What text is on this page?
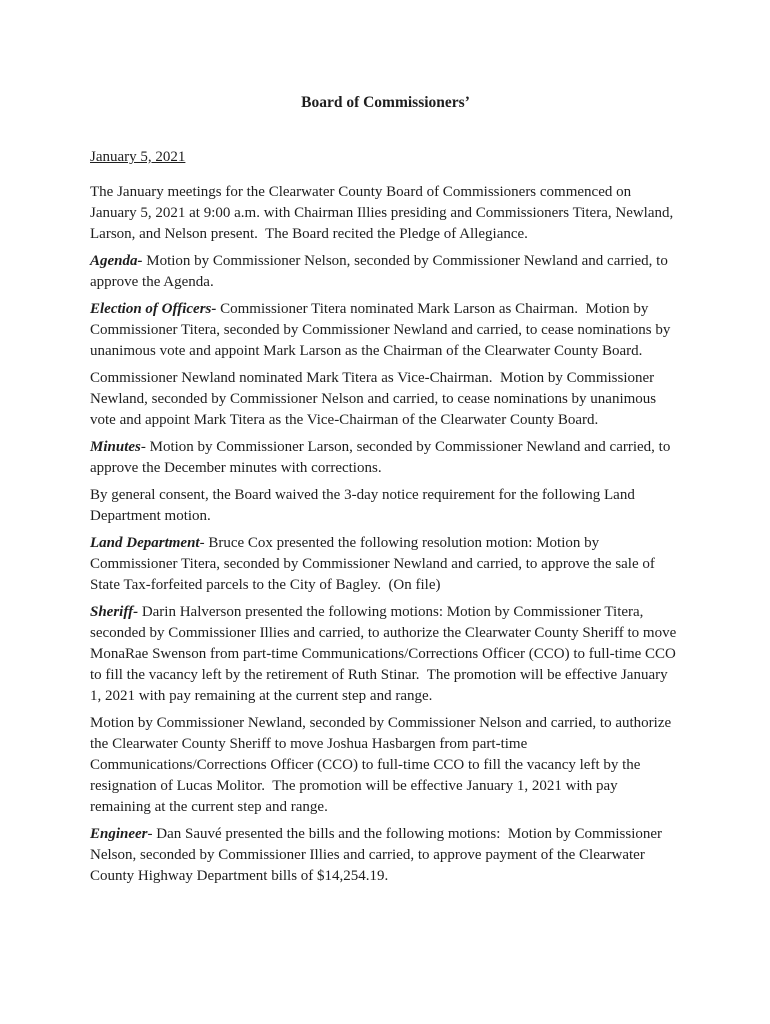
Board of Commissioners’
January 5, 2021

The January meetings for the Clearwater County Board of Commissioners commenced on January 5, 2021 at 9:00 a.m. with Chairman Illies presiding and Commissioners Titera, Newland, Larson, and Nelson present.  The Board recited the Pledge of Allegiance.

Agenda- Motion by Commissioner Nelson, seconded by Commissioner Newland and carried, to approve the Agenda.

Election of Officers- Commissioner Titera nominated Mark Larson as Chairman.  Motion by Commissioner Titera, seconded by Commissioner Newland and carried, to cease nominations by unanimous vote and appoint Mark Larson as the Chairman of the Clearwater County Board.

Commissioner Newland nominated Mark Titera as Vice-Chairman.  Motion by Commissioner Newland, seconded by Commissioner Nelson and carried, to cease nominations by unanimous vote and appoint Mark Titera as the Vice-Chairman of the Clearwater County Board.

Minutes- Motion by Commissioner Larson, seconded by Commissioner Newland and carried, to approve the December minutes with corrections.

By general consent, the Board waived the 3-day notice requirement for the following Land Department motion.

Land Department- Bruce Cox presented the following resolution motion: Motion by Commissioner Titera, seconded by Commissioner Newland and carried, to approve the sale of State Tax-forfeited parcels to the City of Bagley.  (On file)

Sheriff- Darin Halverson presented the following motions: Motion by Commissioner Titera, seconded by Commissioner Illies and carried, to authorize the Clearwater County Sheriff to move MonaRae Swenson from part-time Communications/Corrections Officer (CCO) to full-time CCO to fill the vacancy left by the retirement of Ruth Stinar.  The promotion will be effective January 1, 2021 with pay remaining at the current step and range.

Motion by Commissioner Newland, seconded by Commissioner Nelson and carried, to authorize the Clearwater County Sheriff to move Joshua Hasbargen from part-time Communications/Corrections Officer (CCO) to full-time CCO to fill the vacancy left by the resignation of Lucas Molitor.  The promotion will be effective January 1, 2021 with pay remaining at the current step and range.

Engineer- Dan Sauvé presented the bills and the following motions:  Motion by Commissioner Nelson, seconded by Commissioner Illies and carried, to approve payment of the Clearwater County Highway Department bills of $14,254.19.
